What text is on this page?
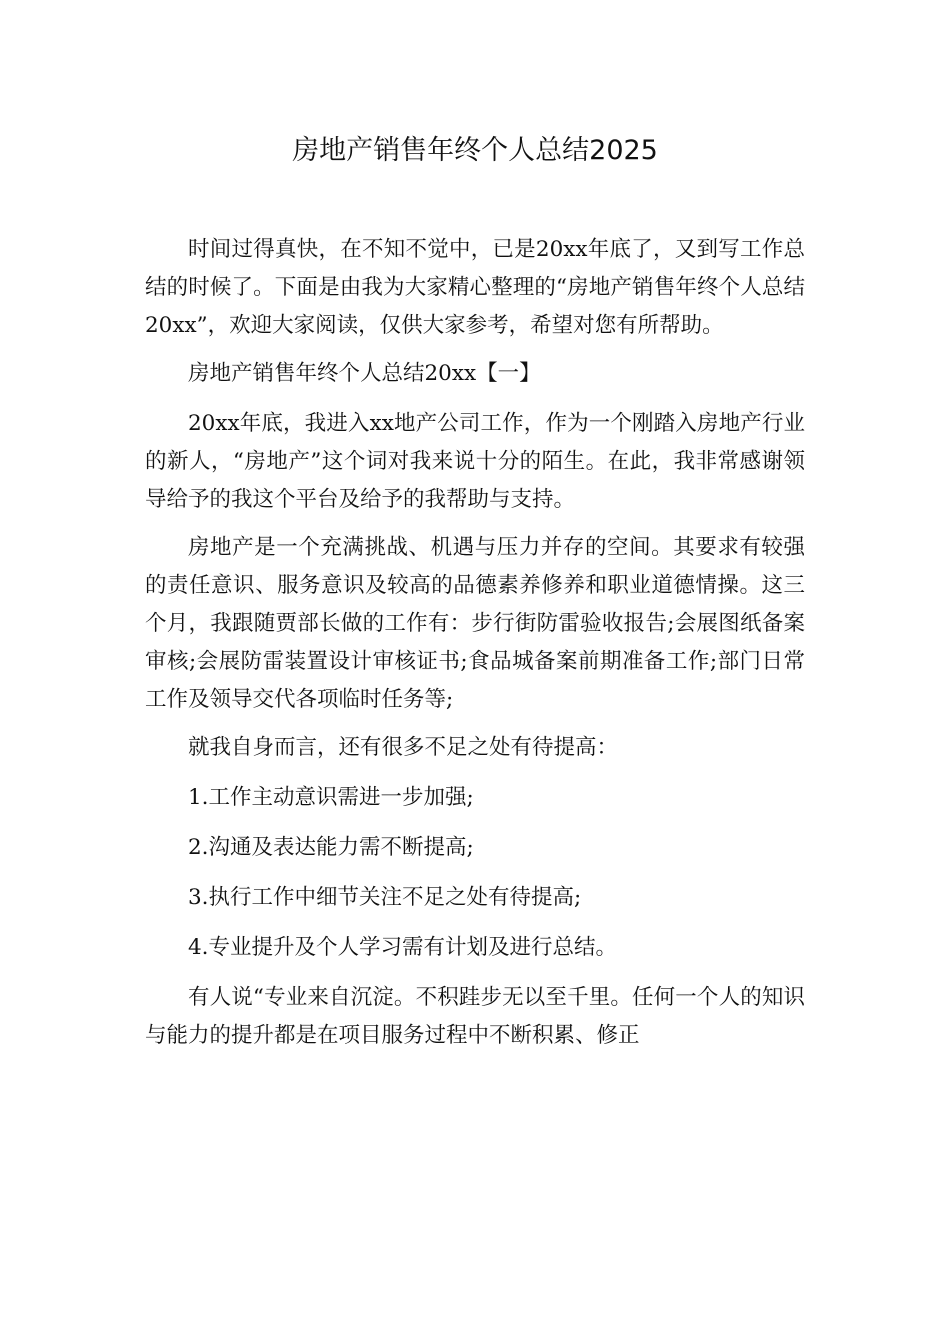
房地产销售年终个人总结2025

时间过得真快，在不知不觉中，已是20xx年底了，又到写工作总结的时候了。下面是由我为大家精心整理的“房地产销售年终个人总结20xx”，欢迎大家阅读，仅供大家参考，希望对您有所帮助。

房地产销售年终个人总结20xx【一】

20xx年底，我进入xx地产公司工作，作为一个刚踏入房地产行业的新人，“房地产”这个词对我来说十分的陌生。在此，我非常感谢领导给予的我这个平台及给予的我帮助与支持。

房地产是一个充满挑战、机遇与压力并存的空间。其要求有较强的责任意识、服务意识及较高的品德素养修养和职业道德情操。这三个月，我跟随贾部长做的工作有：步行街防雷验收报告;会展图纸备案审核;会展防雷装置设计审核证书;食品城备案前期准备工作;部门日常工作及领导交代各项临时任务等;

就我自身而言，还有很多不足之处有待提高：

1.工作主动意识需进一步加强;

2.沟通及表达能力需不断提高;

3.执行工作中细节关注不足之处有待提高;

4.专业提升及个人学习需有计划及进行总结。

有人说“专业来自沉淀。不积跬步无以至千里。任何一个人的知识与能力的提升都是在项目服务过程中不断积累、修正
